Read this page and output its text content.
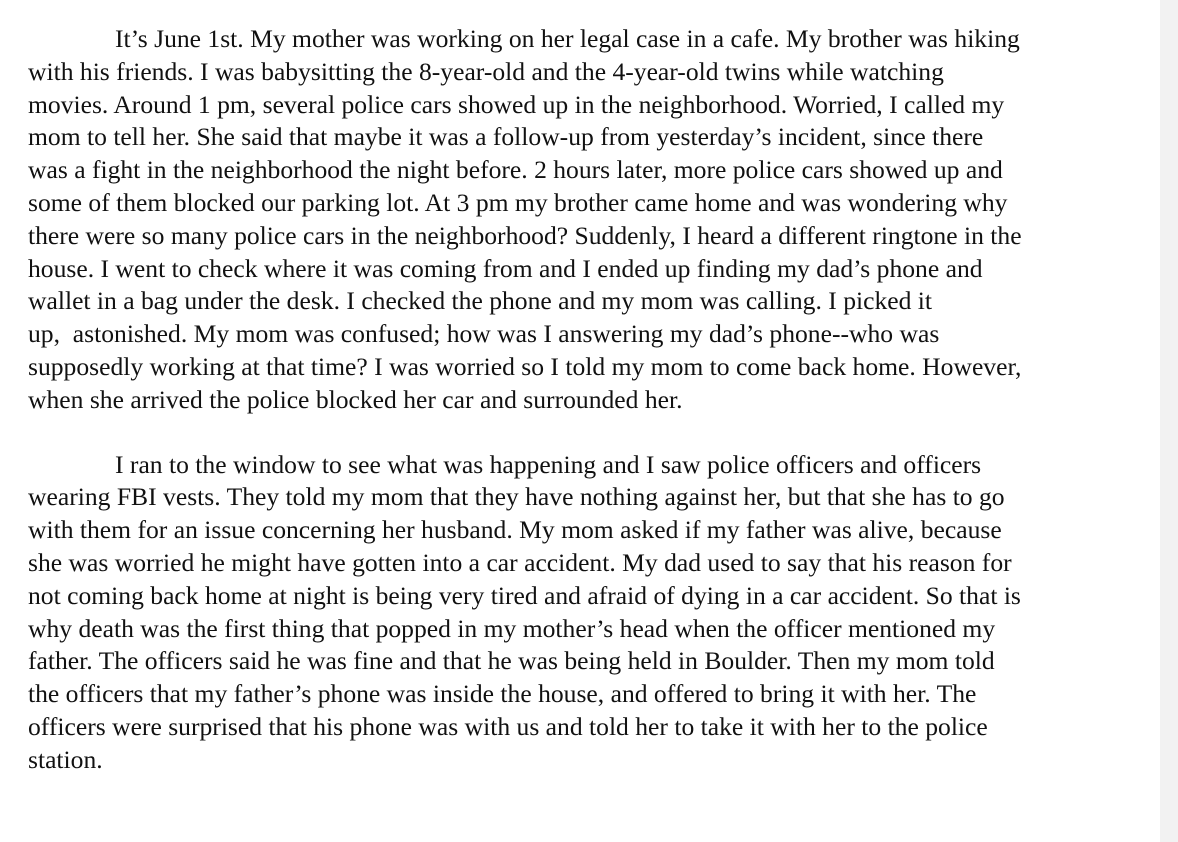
It’s June 1st. My mother was working on her legal case in a cafe. My brother was hiking
with his friends. I was babysitting the 8-year-old and the 4-year-old twins while watching
movies. Around 1 pm, several police cars showed up in the neighborhood. Worried, I called my
mom to tell her. She said that maybe it was a follow-up from yesterday’s incident, since there
was a fight in the neighborhood the night before. 2 hours later, more police cars showed up and
some of them blocked our parking lot. At 3 pm my brother came home and was wondering why
there were so many police cars in the neighborhood? Suddenly, I heard a different ringtone in the
house. I went to check where it was coming from and I ended up finding my dad’s phone and
wallet in a bag under the desk. I checked the phone and my mom was calling. I picked it
up,  astonished. My mom was confused; how was I answering my dad’s phone--who was
supposedly working at that time? I was worried so I told my mom to come back home. However,
when she arrived the police blocked her car and surrounded her.
I ran to the window to see what was happening and I saw police officers and officers
wearing FBI vests. They told my mom that they have nothing against her, but that she has to go
with them for an issue concerning her husband. My mom asked if my father was alive, because
she was worried he might have gotten into a car accident. My dad used to say that his reason for
not coming back home at night is being very tired and afraid of dying in a car accident. So that is
why death was the first thing that popped in my mother’s head when the officer mentioned my
father. The officers said he was fine and that he was being held in Boulder. Then my mom told
the officers that my father’s phone was inside the house, and offered to bring it with her. The
officers were surprised that his phone was with us and told her to take it with her to the police
station.
